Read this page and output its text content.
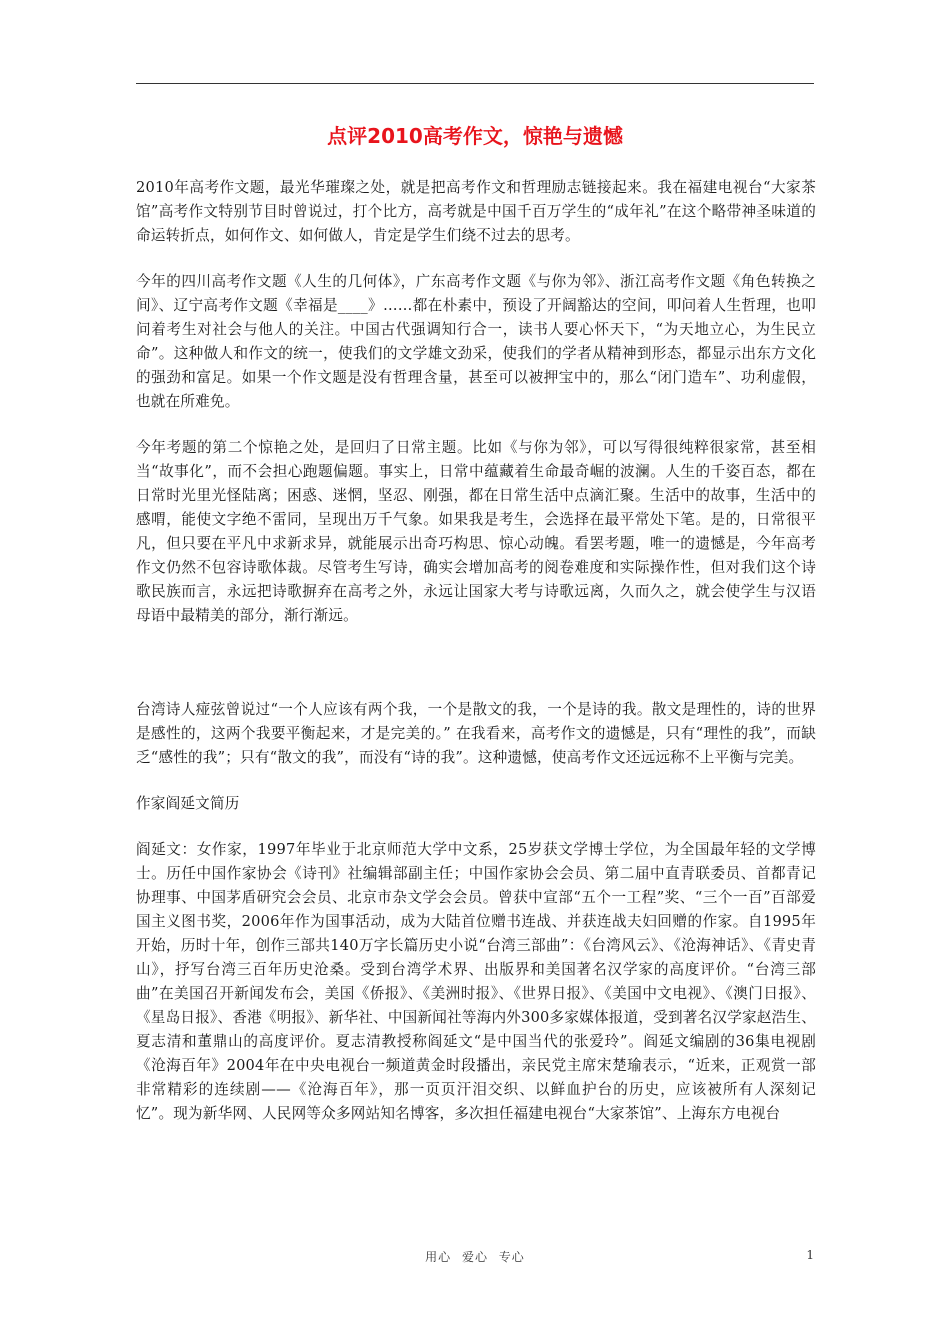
点评2010高考作文，惊艳与遗憾

2010年高考作文题，最光华璀璨之处，就是把高考作文和哲理励志链接起来。我在福建电视台“大家茶馆”高考作文特别节目时曾说过，打个比方，高考就是中国千百万学生的“成年礼”在这个略带神圣味道的命运转折点，如何作文、如何做人，肯定是学生们绕不过去的思考。

今年的四川高考作文题《人生的几何体》，广东高考作文题《与你为邻》、浙江高考作文题《角色转换之间》、辽宁高考作文题《幸福是____》……都在朴素中，预设了开阔豁达的空间，叩问着人生哲理，也叩问着考生对社会与他人的关注。中国古代强调知行合一，读书人要心怀天下，“为天地立心，为生民立命”。这种做人和作文的统一，使我们的文学雄文劲采，使我们的学者从精神到形态，都显示出东方文化的强劲和富足。如果一个作文题是没有哲理含量，甚至可以被押宝中的，那么“闭门造车”、功利虚假，也就在所难免。

今年考题的第二个惊艳之处，是回归了日常主题。比如《与你为邻》，可以写得很纯粹很家常，甚至相当“故事化”，而不会担心跑题偏题。事实上，日常中蕴藏着生命最奇崛的波澜。人生的千姿百态，都在日常时光里光怪陆离；困惑、迷惘，坚忍、刚强，都在日常生活中点滴汇聚。生活中的故事，生活中的感喟，能使文字绝不雷同，呈现出万千气象。如果我是考生，会选择在最平常处下笔。是的，日常很平凡，但只要在平凡中求新求异，就能展示出奇巧构思、惊心动魄。看罢考题，唯一的遗憾是，今年高考作文仍然不包容诗歌体裁。尽管考生写诗，确实会增加高考的阅卷难度和实际操作性，但对我们这个诗歌民族而言，永远把诗歌摒弃在高考之外，永远让国家大考与诗歌远离，久而久之，就会使学生与汉语母语中最精美的部分，渐行渐远。

台湾诗人痖弦曾说过“一个人应该有两个我，一个是散文的我，一个是诗的我。散文是理性的，诗的世界是感性的，这两个我要平衡起来，才是完美的。” 在我看来，高考作文的遗憾是，只有“理性的我”，而缺乏“感性的我”；只有“散文的我”，而没有“诗的我”。这种遗憾，使高考作文还远远称不上平衡与完美。

作家阎延文简历

阎延文：女作家，1997年毕业于北京师范大学中文系，25岁获文学博士学位，为全国最年轻的文学博士。历任中国作家协会《诗刊》社编辑部副主任；中国作家协会会员、第二届中直青联委员、首都青记协理事、中国茅盾研究会会员、北京市杂文学会会员。曾获中宣部“五个一工程”奖、“三个一百”百部爱国主义图书奖，2006年作为国事活动，成为大陆首位赠书连战、并获连战夫妇回赠的作家。自1995年开始，历时十年，创作三部共140万字长篇历史小说“台湾三部曲”：《台湾风云》、《沧海神话》、《青史青山》，抒写台湾三百年历史沧桑。受到台湾学术界、出版界和美国著名汉学家的高度评价。“台湾三部曲”在美国召开新闻发布会，美国《侨报》、《美洲时报》、《世界日报》、《美国中文电视》、《澳门日报》、《星岛日报》、香港《明报》、新华社、中国新闻社等海内外300多家媒体报道，受到著名汉学家赵浩生、夏志清和董鼎山的高度评价。夏志清教授称阎延文“是中国当代的张爱玲”。阎延文编剧的36集电视剧《沧海百年》2004年在中央电视台一频道黄金时段播出，亲民党主席宋楚瑜表示，“近来，正观赏一部非常精彩的连续剧——《沧海百年》，那一页页汗泪交织、以鲜血护台的历史，应该被所有人深刻记忆”。现为新华网、人民网等众多网站知名博客，多次担任福建电视台“大家茶馆”、上海东方电视台

用心 爱心 专心	1
